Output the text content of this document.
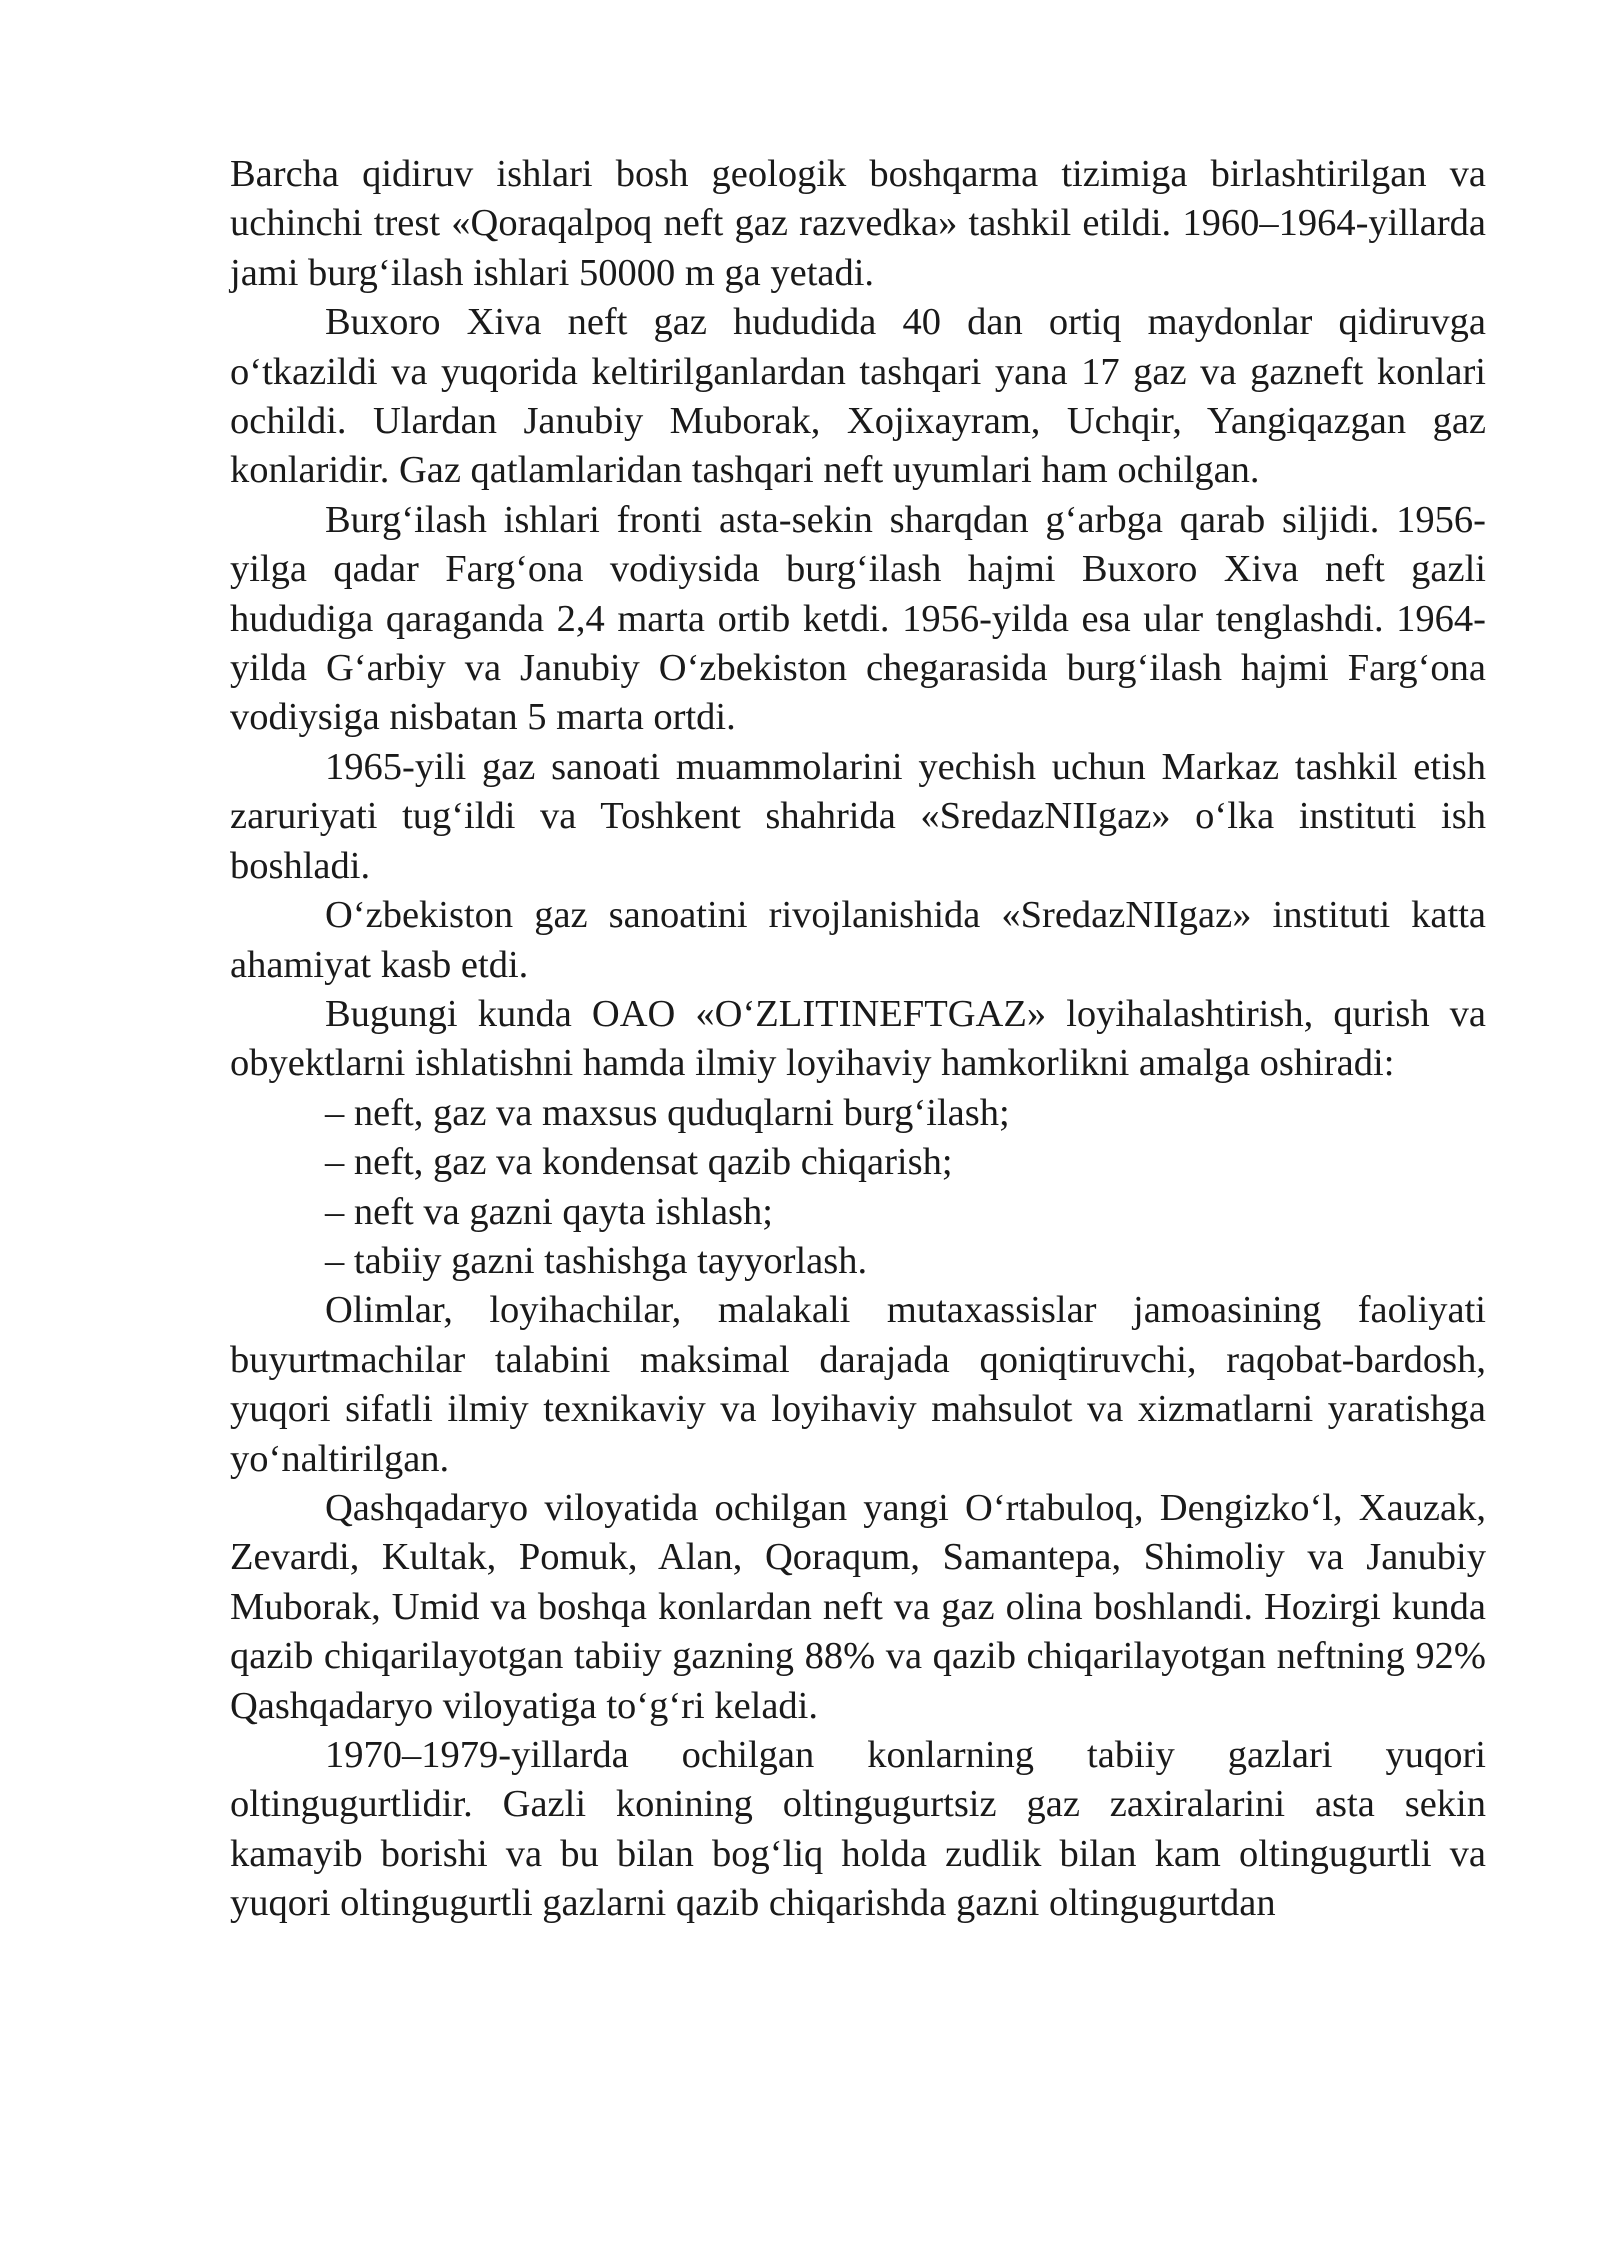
Barcha qidiruv ishlari bosh geologik boshqarma tizimiga birlashtirilgan va uchinchi trest «Qoraqalpoq neft gaz razvedka» tashkil etildi. 1960–1964-yillarda jami burg‘ilash ishlari 50000 m ga yetadi.

Buxoro Xiva neft gaz hududida 40 dan ortiq maydonlar qidiruvga o‘tkazildi va yuqorida keltirilganlardan tashqari yana 17 gaz va gazneft konlari ochildi. Ulardan Janubiy Muborak, Xojixayram, Uchqir, Yangiqazgan gaz konlaridir. Gaz qatlamlaridan tashqari neft uyumlari ham ochilgan.

Burg‘ilash ishlari fronti asta-sekin sharqdan g‘arbga qarab siljidi. 1956-yilga qadar Farg‘ona vodiysida burg‘ilash hajmi Buxoro Xiva neft gazli hududiga qaraganda 2,4 marta ortib ketdi. 1956-yilda esa ular tenglashdi. 1964-yilda G‘arbiy va Janubiy O‘zbekiston chegarasida burg‘ilash hajmi Farg‘ona vodiysiga nisbatan 5 marta ortdi.

1965-yili gaz sanoati muammolarini yechish uchun Markaz tashkil etish zaruriyati tug‘ildi va Toshkent shahrida «SredazNIIgaz» o‘lka instituti ish boshladi.

O‘zbekiston gaz sanoatini rivojlanishida «SredazNIIgaz» instituti katta ahamiyat kasb etdi.

Bugungi kunda OAO «O‘ZLITINEFTGAZ» loyihalashtirish, qurish va obyektlarni ishlatishni hamda ilmiy loyihaviy hamkorlikni amalga oshiradi:

– neft, gaz va maxsus quduqlarni burg‘ilash;

– neft, gaz va kondensat qazib chiqarish;

– neft va gazni qayta ishlash;

– tabiiy gazni tashishga tayyorlash.

Olimlar, loyihachilar, malakali mutaxassislar jamoasining faoliyati buyurtmachilar talabini maksimal darajada qoniqtiruvchi, raqobat-bardosh, yuqori sifatli ilmiy texnikaviy va loyihaviy mahsulot va xizmatlarni yaratishga yo‘naltirilgan.

Qashqadaryo viloyatida ochilgan yangi O‘rtabuloq, Dengizko‘l, Xauzak, Zevardi, Kultak, Pomuk, Alan, Qoraqum, Samantepa, Shimoliy va Janubiy Muborak, Umid va boshqa konlardan neft va gaz olina boshlandi. Hozirgi kunda qazib chiqarilayotgan tabiiy gazning 88% va qazib chiqarilayotgan neftning 92% Qashqadaryo viloyatiga to‘g‘ri keladi.

1970–1979-yillarda ochilgan konlarning tabiiy gazlari yuqori oltingugurtlidir. Gazli konining oltingugurtsiz gaz zaxiralarini asta sekin kamayib borishi va bu bilan bog‘liq holda zudlik bilan kam oltingugurtli va yuqori oltingugurtli gazlarni qazib chiqarishda gazni oltingugurtdan
